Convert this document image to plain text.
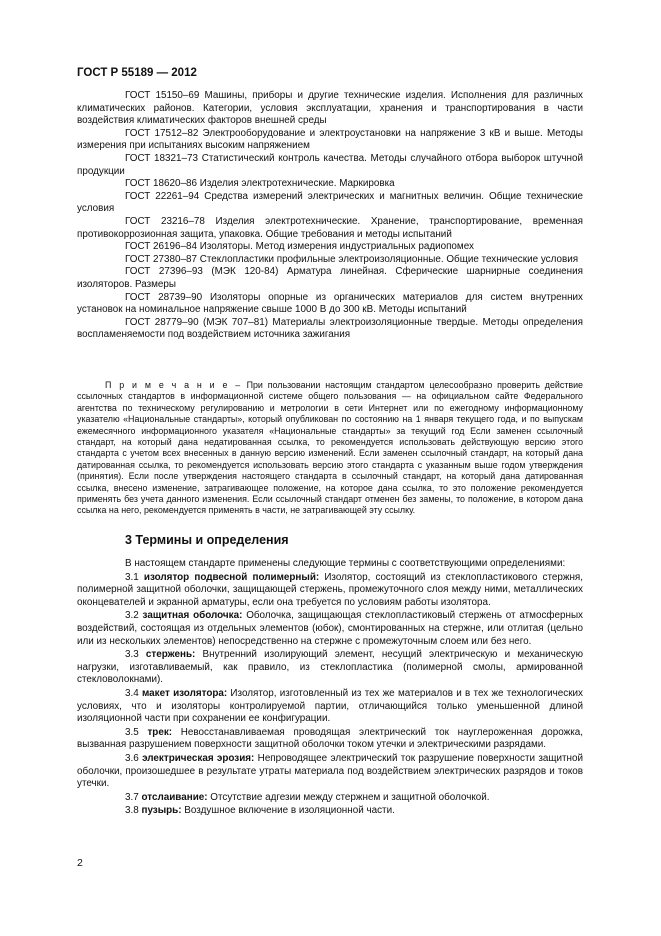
ГОСТ Р 55189 — 2012

ГОСТ 15150–69 Машины, приборы и другие технические изделия. Исполнения для различных климатических районов. Категории, условия эксплуатации, хранения и транспортирования в части воздействия климатических факторов внешней среды

ГОСТ 17512–82 Электрооборудование и электроустановки на напряжение 3 кВ и выше. Методы измерения при испытаниях высоким напряжением

ГОСТ 18321–73 Статистический контроль качества. Методы случайного отбора выборок штучной продукции

ГОСТ 18620–86 Изделия электротехнические. Маркировка

ГОСТ 22261–94 Средства измерений электрических и магнитных величин. Общие технические условия

ГОСТ 23216–78 Изделия электротехнические. Хранение, транспортирование, временная противокоррозионная защита, упаковка. Общие требования и методы испытаний

ГОСТ 26196–84 Изоляторы. Метод измерения индустриальных радиопомех

ГОСТ 27380–87 Стеклопластики профильные электроизоляционные. Общие технические условия

ГОСТ 27396–93 (МЭК 120-84) Арматура линейная. Сферические шарнирные соединения изоляторов. Размеры

ГОСТ 28739–90 Изоляторы опорные из органических материалов для систем внутренних установок на номинальное напряжение свыше 1000 В до 300 кВ. Методы испытаний

ГОСТ 28779–90 (МЭК 707–81) Материалы электроизоляционные твердые. Методы определения воспламеняемости под воздействием источника зажигания

П р и м е ч а н и е – При пользовании настоящим стандартом целесообразно проверить действие ссылочных стандартов в информационной системе общего пользования — на официальном сайте Федерального агентства по техническому регулированию и метрологии в сети Интернет или по ежегодному информационному указателю «Национальные стандарты», который опубликован по состоянию на 1 января текущего года, и по выпускам ежемесячного информационного указателя «Национальные стандарты» за текущий год Если заменен ссылочный стандарт, на который дана недатированная ссылка, то рекомендуется использовать действующую версию этого стандарта с учетом всех внесенных в данную версию изменений. Если заменен ссылочный стандарт, на который дана датированная ссылка, то рекомендуется использовать версию этого стандарта с указанным выше годом утверждения (принятия). Если после утверждения настоящего стандарта в ссылочный стандарт, на который дана датированная ссылка, внесено изменение, затрагивающее положение, на которое дана ссылка, то это положение рекомендуется применять без учета данного изменения. Если ссылочный стандарт отменен без замены, то положение, в котором дана ссылка на него, рекомендуется применять в части, не затрагивающей эту ссылку.

3 Термины и определения

В настоящем стандарте применены следующие термины с соответствующими определениями:

3.1 изолятор подвесной полимерный: Изолятор, состоящий из стеклопластикового стержня, полимерной защитной оболочки, защищающей стержень, промежуточного слоя между ними, металлических оконцевателей и экранной арматуры, если она требуется по условиям работы изолятора.

3.2 защитная оболочка: Оболочка, защищающая стеклопластиковый стержень от атмосферных воздействий, состоящая из отдельных элементов (юбок), смонтированных на стержне, или отлитая (цельно или из нескольких элементов) непосредственно на стержне с промежуточным слоем или без него.

3.3 стержень: Внутренний изолирующий элемент, несущий электрическую и механическую нагрузки, изготавливаемый, как правило, из стеклопластика (полимерной смолы, армированной стекловолокнами).

3.4 макет изолятора: Изолятор, изготовленный из тех же материалов и в тех же технологических условиях, что и изоляторы контролируемой партии, отличающийся только уменьшенной длиной изоляционной части при сохранении ее конфигурации.

3.5 трек: Невосстанавливаемая проводящая электрический ток науглероженная дорожка, вызванная разрушением поверхности защитной оболочки током утечки и электрическими разрядами.

3.6 электрическая эрозия: Непроводящее электрический ток разрушение поверхности защитной оболочки, произошедшее в результате утраты материала под воздействием электрических разрядов и токов утечки.

3.7 отслаивание: Отсутствие адгезии между стержнем и защитной оболочкой.

3.8 пузырь: Воздушное включение в изоляционной части.

2
